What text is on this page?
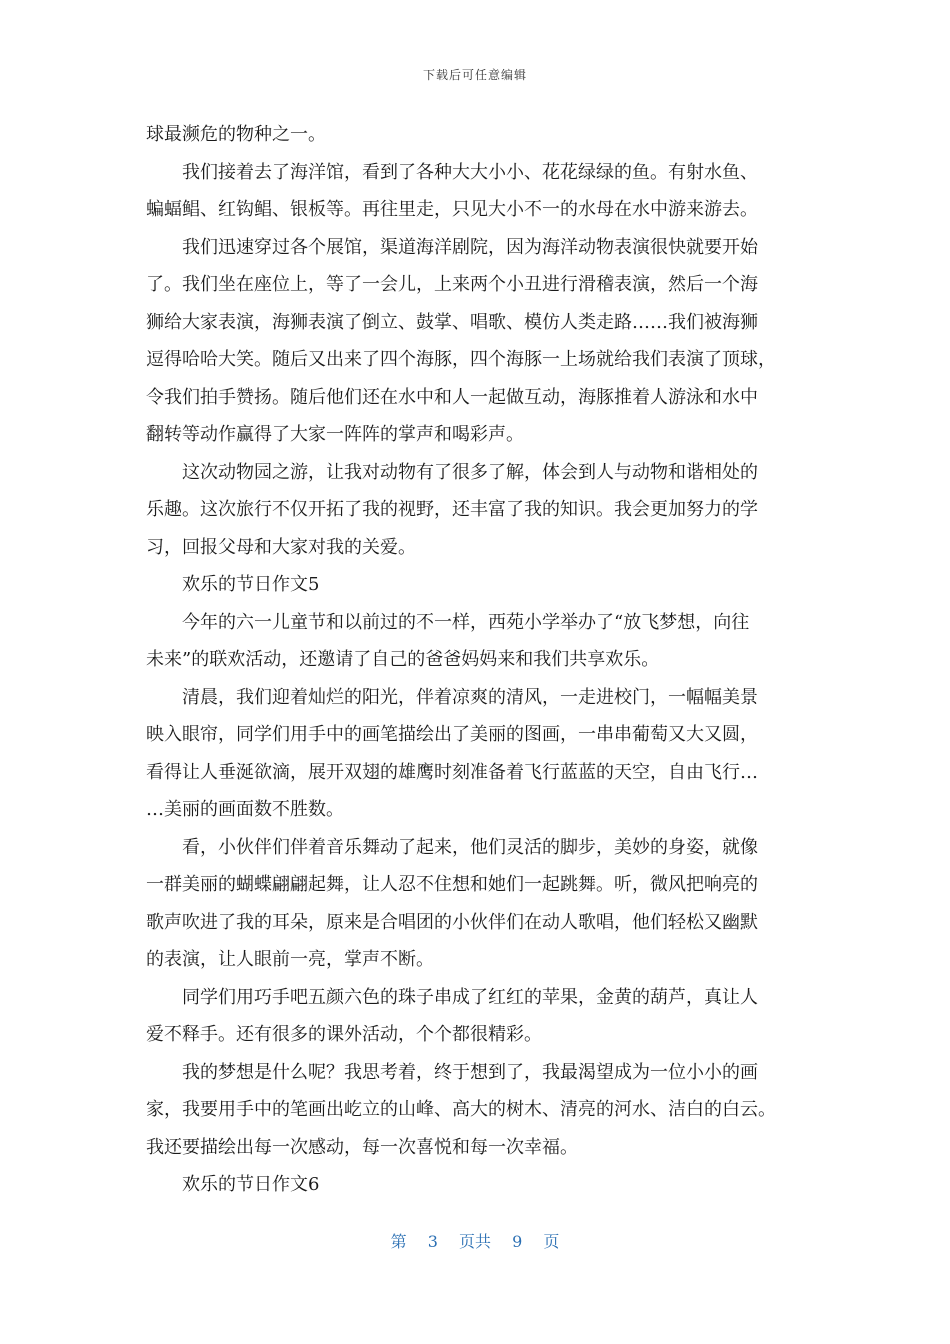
下载后可任意编辑
球最濒危的物种之一。
我们接着去了海洋馆，看到了各种大大小小、花花绿绿的鱼。有射水鱼、
蝙蝠鲳、红钩鲳、银板等。再往里走，只见大小不一的水母在水中游来游去。
我们迅速穿过各个展馆，渠道海洋剧院，因为海洋动物表演很快就要开始
了。我们坐在座位上，等了一会儿，上来两个小丑进行滑稽表演，然后一个海
狮给大家表演，海狮表演了倒立、鼓掌、唱歌、模仿人类走路……我们被海狮
逗得哈哈大笑。随后又出来了四个海豚，四个海豚一上场就给我们表演了顶球，
令我们拍手赞扬。随后他们还在水中和人一起做互动，海豚推着人游泳和水中
翻转等动作赢得了大家一阵阵的掌声和喝彩声。
这次动物园之游，让我对动物有了很多了解，体会到人与动物和谐相处的
乐趣。这次旅行不仅开拓了我的视野，还丰富了我的知识。我会更加努力的学
习，回报父母和大家对我的关爱。
欢乐的节日作文5
今年的六一儿童节和以前过的不一样，西苑小学举办了“放飞梦想，向往
未来”的联欢活动，还邀请了自己的爸爸妈妈来和我们共享欢乐。
清晨，我们迎着灿烂的阳光，伴着凉爽的清风，一走进校门，一幅幅美景
映入眼帘，同学们用手中的画笔描绘出了美丽的图画，一串串葡萄又大又圆，
看得让人垂涎欲滴，展开双翅的雄鹰时刻准备着飞行蓝蓝的天空，自由飞行…
…美丽的画面数不胜数。
看，小伙伴们伴着音乐舞动了起来，他们灵活的脚步，美妙的身姿，就像
一群美丽的蝴蝶翩翩起舞，让人忍不住想和她们一起跳舞。听，微风把响亮的
歌声吹进了我的耳朵，原来是合唱团的小伙伴们在动人歌唱，他们轻松又幽默
的表演，让人眼前一亮，掌声不断。
同学们用巧手吧五颜六色的珠子串成了红红的苹果，金黄的葫芦，真让人
爱不释手。还有很多的课外活动，个个都很精彩。
我的梦想是什么呢？我思考着，终于想到了，我最渴望成为一位小小的画
家，我要用手中的笔画出屹立的山峰、高大的树木、清亮的河水、洁白的白云。
我还要描绘出每一次感动，每一次喜悦和每一次幸福。
欢乐的节日作文6
第 3 页共 9 页
